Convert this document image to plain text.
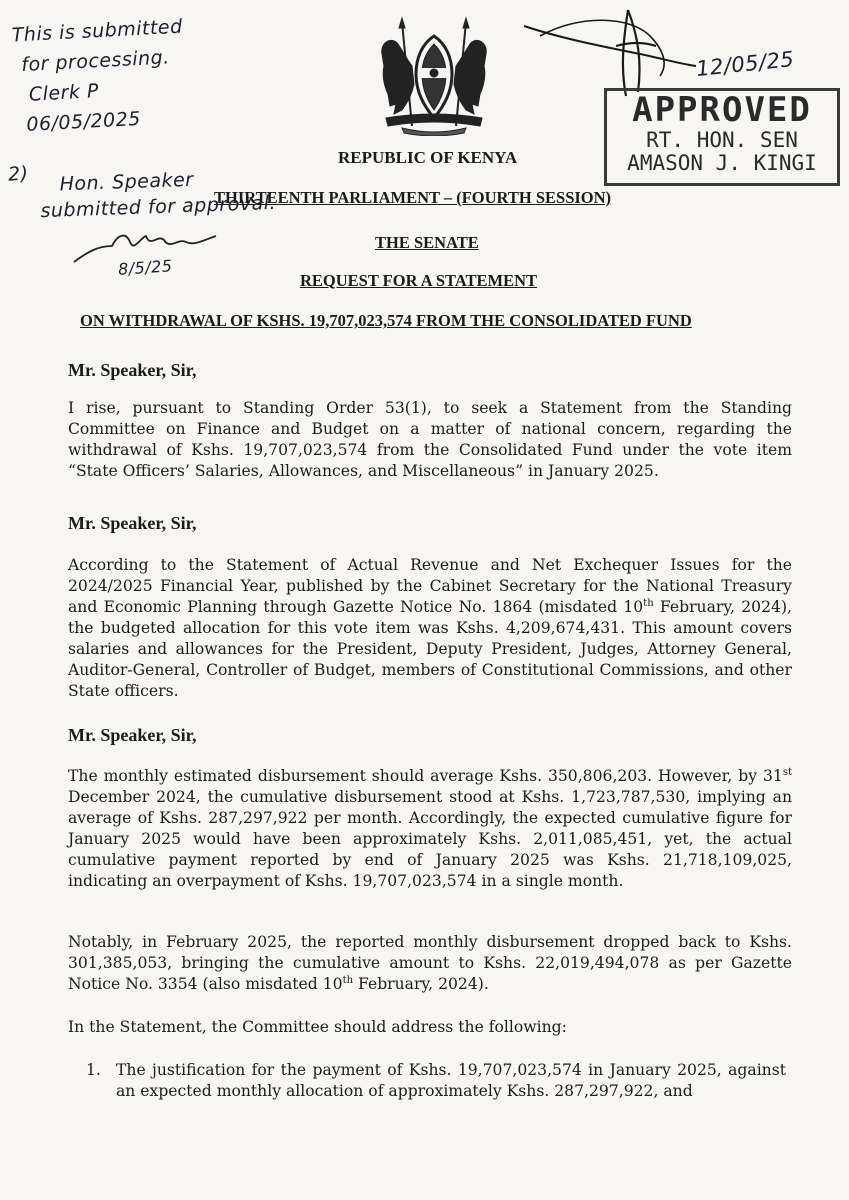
This is submitted
for processing.
Clerk P
06/05/2025
2)	Hon. Speaker
submitted for approval.
8/5/25
12/05/25
APPROVED
RT. HON. SEN
AMASON J. KINGI
REPUBLIC OF KENYA
THIRTEENTH PARLIAMENT – (FOURTH SESSION)
THE SENATE
REQUEST FOR A STATEMENT
ON WITHDRAWAL OF KSHS. 19,707,023,574 FROM THE CONSOLIDATED FUND
Mr. Speaker, Sir,
I rise, pursuant to Standing Order 53(1), to seek a Statement from the Standing Committee on Finance and Budget on a matter of national concern, regarding the withdrawal of Kshs. 19,707,023,574 from the Consolidated Fund under the vote item “State Officers’ Salaries, Allowances, and Miscellaneous” in January 2025.
Mr. Speaker, Sir,
According to the Statement of Actual Revenue and Net Exchequer Issues for the 2024/2025 Financial Year, published by the Cabinet Secretary for the National Treasury and Economic Planning through Gazette Notice No. 1864 (misdated 10th February, 2024), the budgeted allocation for this vote item was Kshs. 4,209,674,431. This amount covers salaries and allowances for the President, Deputy President, Judges, Attorney General, Auditor-General, Controller of Budget, members of Constitutional Commissions, and other State officers.
Mr. Speaker, Sir,
The monthly estimated disbursement should average Kshs. 350,806,203. However, by 31st December 2024, the cumulative disbursement stood at Kshs. 1,723,787,530, implying an average of Kshs. 287,297,922 per month. Accordingly, the expected cumulative figure for January 2025 would have been approximately Kshs. 2,011,085,451, yet, the actual cumulative payment reported by end of January 2025 was Kshs. 21,718,109,025, indicating an overpayment of Kshs. 19,707,023,574 in a single month.
Notably, in February 2025, the reported monthly disbursement dropped back to Kshs. 301,385,053, bringing the cumulative amount to Kshs. 22,019,494,078 as per Gazette Notice No. 3354 (also misdated 10th February, 2024).
In the Statement, the Committee should address the following:
1. The justification for the payment of Kshs. 19,707,023,574 in January 2025, against an expected monthly allocation of approximately Kshs. 287,297,922, and
